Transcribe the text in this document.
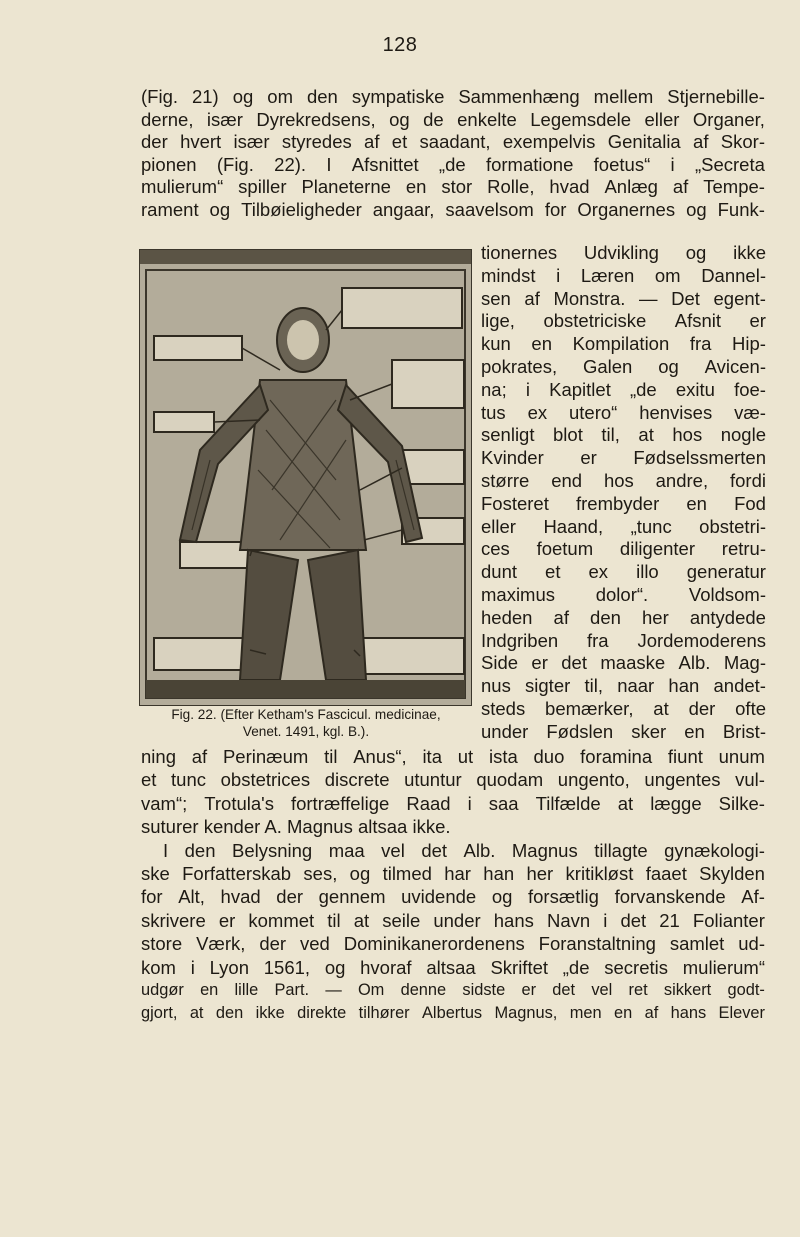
128
(Fig. 21) og om den sympatiske Sammenhæng mellem Stjernebille-
derne, især Dyrekredsens, og de enkelte Legemsdele eller Organer,
der hvert især styredes af et saadant, exempelvis Genitalia af Skor-
pionen (Fig. 22). I Afsnittet „de formatione foetus“ i „Secreta
mulierum“ spiller Planeterne en stor Rolle, hvad Anlæg af Tempe-
rament og Tilbøieligheder angaar, saavelsom for Organernes og Funk-
Fig. 22. (Efter Ketham's Fascicul. medicinae,
Venet. 1491, kgl. B.).
tionernes Udvikling og ikke
mindst i Læren om Dannel-
sen af Monstra. — Det egent-
lige, obstetriciske Afsnit er
kun en Kompilation fra Hip-
pokrates, Galen og Avicen-
na; i Kapitlet „de exitu foe-
tus ex utero“ henvises væ-
senligt blot til, at hos nogle
Kvinder er Fødselssmerten
større end hos andre, fordi
Fosteret frembyder en Fod
eller Haand, „tunc obstetri-
ces foetum diligenter retru-
dunt et ex illo generatur
maximus dolor“. Voldsom-
heden af den her antydede
Indgriben fra Jordemoderens
Side er det maaske Alb. Mag-
nus sigter til, naar han andet-
steds bemærker, at der ofte
under Fødslen sker en Brist-
ning af Perinæum til Anus“, ita ut ista duo foramina fiunt unum
et tunc obstetrices discrete utuntur quodam ungento, ungentes vul-
vam“; Trotula's fortræffelige Raad i saa Tilfælde at lægge Silke-
suturer kender A. Magnus altsaa ikke.
I den Belysning maa vel det Alb. Magnus tillagte gynækologi-
ske Forfatterskab ses, og tilmed har han her kritikløst faaet Skylden
for Alt, hvad der gennem uvidende og forsætlig forvanskende Af-
skrivere er kommet til at seile under hans Navn i det 21 Folianter
store Værk, der ved Dominikanerordenens Foranstaltning samlet ud-
kom i Lyon 1561, og hvoraf altsaa Skriftet „de secretis mulierum“
udgør en lille Part. — Om denne sidste er det vel ret sikkert godt-
gjort, at den ikke direkte tilhører Albertus Magnus, men en af hans Elever
